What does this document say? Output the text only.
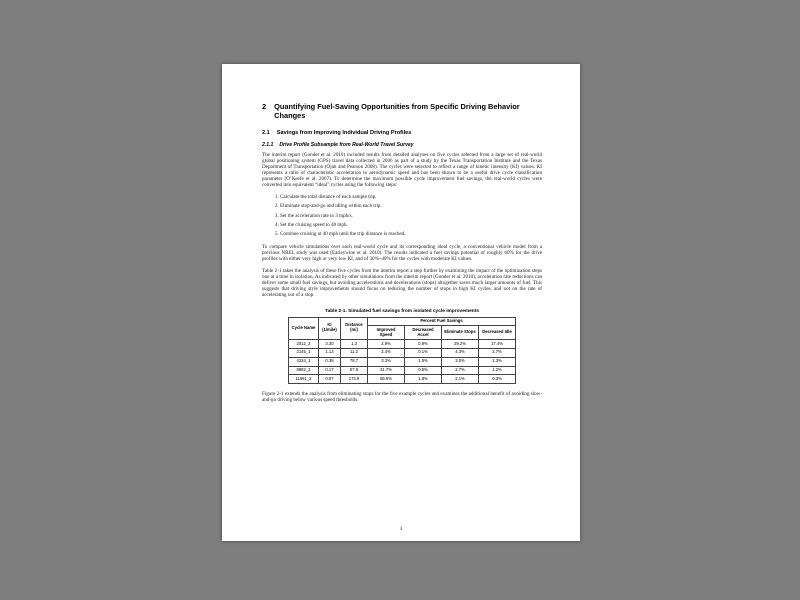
2 Quantifying Fuel-Saving Opportunities from Specific Driving Behavior Changes
2.1 Savings from Improving Individual Driving Profiles
2.1.1 Drive Profile Subsample from Real-World Travel Survey

The interim report (Gonder et al. 2010) included results from detailed analyses on five cycles selected from a large set of real-world global positioning system (GPS) travel data collected in 2006 as part of a study by the Texas Transportation Institute and the Texas Department of Transportation (Ojah and Pearson 2008). The cycles were selected to reflect a range of kinetic intensity (KI) values. KI represents a ratio of characteristic acceleration to aerodynamic speed and has been shown to be a useful drive cycle classification parameter (O’Keefe et al. 2007). To determine the maximum possible cycle improvement fuel savings, the real-world cycles were converted into equivalent “ideal” cycles using the following steps:

1. Calculate the total distance of each sample trip.
2. Eliminate stop-and-go and idling within each trip.
3. Set the acceleration rate to 3 mph/s.
4. Set the cruising speed to 40 mph.
5. Continue cruising at 40 mph until the trip distance is reached.

To compare vehicle simulations over each real-world cycle and its corresponding ideal cycle, a conventional vehicle model from a previous NREL study was used (Earleywine et al. 2010). The results indicated a fuel savings potential of roughly 60% for the drive profiles with either very high or very low KI, and of 30%–40% for the cycles with moderate KI values.

Table 2-1 takes the analysis of these five cycles from the interim report a step further by examining the impact of the optimization steps one at a time in isolation. As indicated by other simulations from the interim report (Gonder et al. 2010), acceleration rate reductions can deliver some small fuel savings, but avoiding accelerations and decelerations (stops) altogether saves much larger amounts of fuel. This suggests that driving style improvements should focus on reducing the number of stops in high KI cycles, and not on the rate of accelerating out of a stop.

Table 2-1. Simulated fuel savings from isolated cycle improvements
Cycle Name	KI (1/mile)	Distance (mi)	Percent Fuel Savings			
			Improved Speed	Decreased Accel	Eliminate Stops	Decreased Idle
2012_2	3.30	1.3	2.9%	0.9%	29.2%	17.4%
2145_1	1.13	11.2	2.4%	0.1%	4.3%	2.7%
4234_1	0.38	78.7	3.3%	1.5%	3.0%	1.3%
8982_2	0.17	57.8	21.7%	0.5%	2.7%	1.2%
11691_2	0.07	173.9	56.9%	1.8%	2.1%	0.3%

Figure 2-1 extends the analysis from eliminating stops for the five example cycles and examines the additional benefit of avoiding slow-and-go driving below various speed thresholds.

3
